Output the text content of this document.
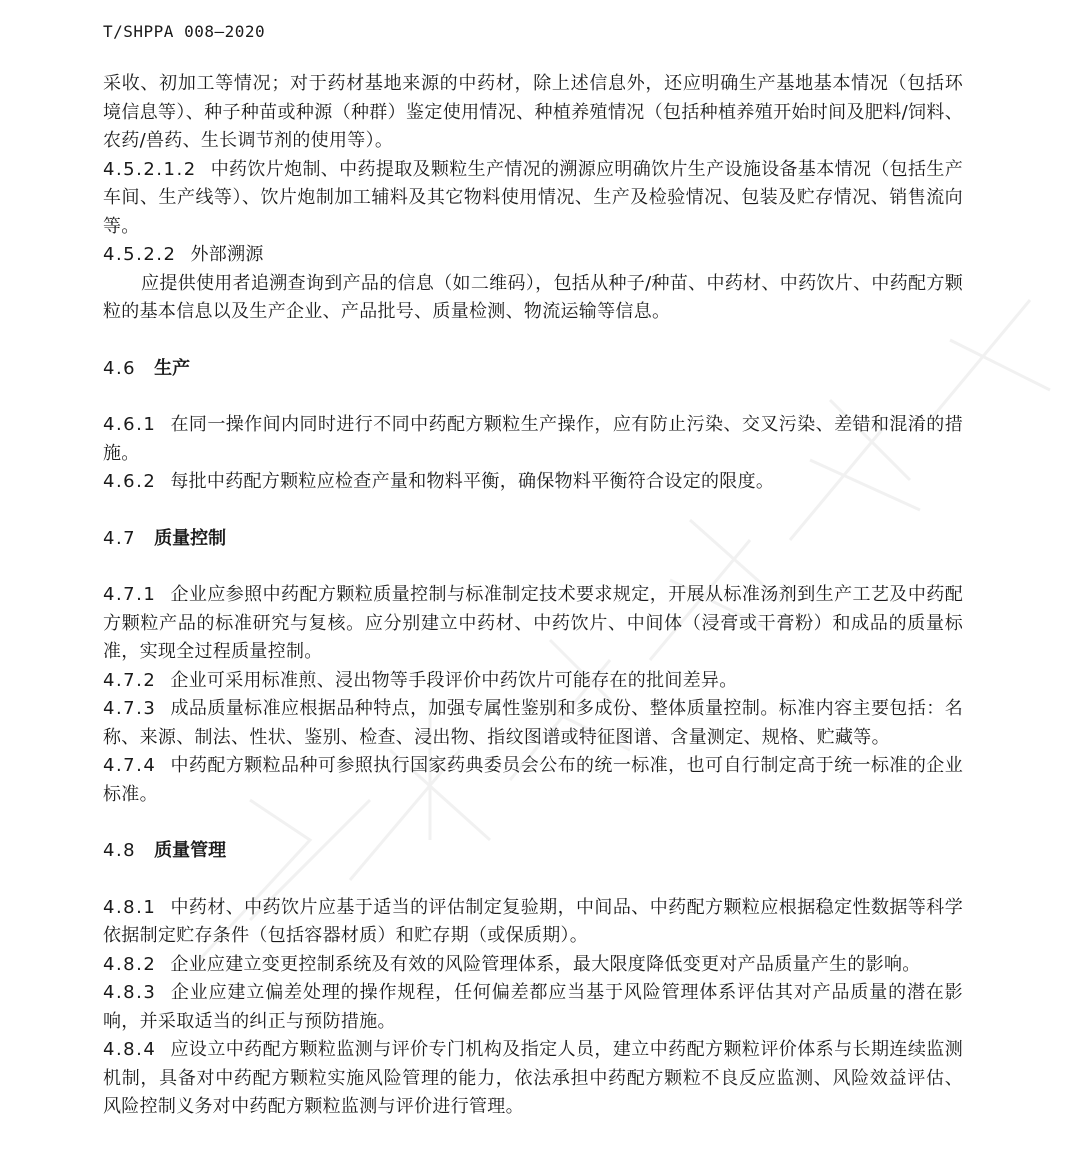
T/SHPPA 008—2020

采收、初加工等情况；对于药材基地来源的中药材，除上述信息外，还应明确生产基地基本情况（包括环境信息等）、种子种苗或种源（种群）鉴定使用情况、种植养殖情况（包括种植养殖开始时间及肥料/饲料、农药/兽药、生长调节剂的使用等）。

4.5.2.1.2 中药饮片炮制、中药提取及颗粒生产情况的溯源应明确饮片生产设施设备基本情况（包括生产车间、生产线等）、饮片炮制加工辅料及其它物料使用情况、生产及检验情况、包装及贮存情况、销售流向等。

4.5.2.2 外部溯源

应提供使用者追溯查询到产品的信息（如二维码），包括从种子/种苗、中药材、中药饮片、中药配方颗粒的基本信息以及生产企业、产品批号、质量检测、物流运输等信息。

4.6 生产

4.6.1 在同一操作间内同时进行不同中药配方颗粒生产操作，应有防止污染、交叉污染、差错和混淆的措施。

4.6.2 每批中药配方颗粒应检查产量和物料平衡，确保物料平衡符合设定的限度。

4.7 质量控制

4.7.1 企业应参照中药配方颗粒质量控制与标准制定技术要求规定，开展从标准汤剂到生产工艺及中药配方颗粒产品的标准研究与复核。应分别建立中药材、中药饮片、中间体（浸膏或干膏粉）和成品的质量标准，实现全过程质量控制。

4.7.2 企业可采用标准煎、浸出物等手段评价中药饮片可能存在的批间差异。

4.7.3 成品质量标准应根据品种特点，加强专属性鉴别和多成份、整体质量控制。标准内容主要包括：名称、来源、制法、性状、鉴别、检查、浸出物、指纹图谱或特征图谱、含量测定、规格、贮藏等。

4.7.4 中药配方颗粒品种可参照执行国家药典委员会公布的统一标准，也可自行制定高于统一标准的企业标准。

4.8 质量管理

4.8.1 中药材、中药饮片应基于适当的评估制定复验期，中间品、中药配方颗粒应根据稳定性数据等科学依据制定贮存条件（包括容器材质）和贮存期（或保质期）。

4.8.2 企业应建立变更控制系统及有效的风险管理体系，最大限度降低变更对产品质量产生的影响。

4.8.3 企业应建立偏差处理的操作规程，任何偏差都应当基于风险管理体系评估其对产品质量的潜在影响，并采取适当的纠正与预防措施。

4.8.4 应设立中药配方颗粒监测与评价专门机构及指定人员，建立中药配方颗粒评价体系与长期连续监测机制，具备对中药配方颗粒实施风险管理的能力，依法承担中药配方颗粒不良反应监测、风险效益评估、风险控制义务对中药配方颗粒监测与评价进行管理。
